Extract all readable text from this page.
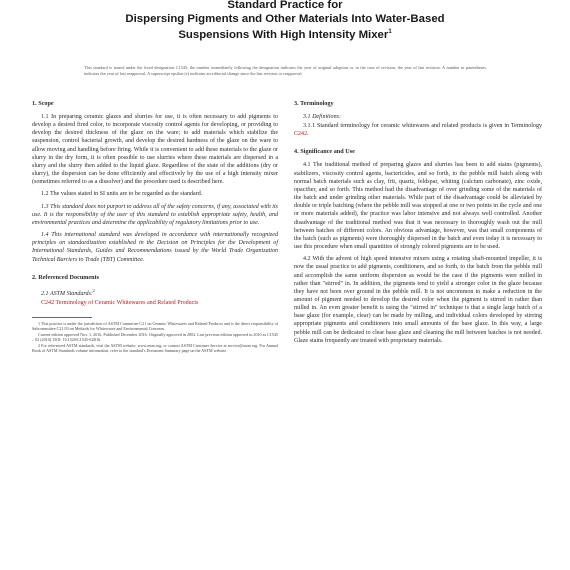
Standard Practice for
Dispersing Pigments and Other Materials Into Water-Based
Suspensions With High Intensity Mixer$^1$
This standard is issued under the fixed designation C1545; the number immediately following the designation indicates the year of original adoption or, in the case of revision, the year of last revision. A number in parentheses indicates the year of last reapproval. A superscript epsilon (ε) indicates an editorial change since the last revision or reapproval.
1. Scope

1.1 In preparing ceramic glazes and slurries for use, it is often necessary to add pigments to develop a desired fired color, to incorporate viscosity control agents for developing, or providing to develop the desired thickness of the glaze on the ware; to add materials which stabilize the suspension, control bacterial growth, and develop the desired hardness of the glaze on the ware to allow moving and handling before firing. While it is convenient to add these materials to the glaze or slurry in the dry form, it is often possible to use slurries where these materials are dispersed in a slurry and the slurry then added to the liquid glaze. Regardless of the state of the additions (dry or slurry), the dispersion can be done efficiently and effectively by the use of a high intensity mixer (sometimes referred to as a dissolver) and the procedure used is described here.

1.2 The values stated in SI units are to be regarded as the standard.

1.3 This standard does not purport to address all of the safety concerns, if any, associated with its use. It is the responsibility of the user of this standard to establish appropriate safety, health, and environmental practices and determine the applicability of regulatory limitations prior to use.

1.4 This international standard was developed in accordance with internationally recognized principles on standardization established in the Decision on Principles for the Development of International Standards, Guides and Recommendations issued by the World Trade Organization Technical Barriers to Trade (TBT) Committee.

2. Referenced Documents

2.1 ASTM Standards:$^2$

C242 Terminology of Ceramic Whitewares and Related Products

1 This practice is under the jurisdiction of ASTM Committee C21 on Ceramic Whitewares and Related Products and is the direct responsibility of Subcommittee C21.03 on Methods for Whitewares and Environmental Concerns.

Current edition approved Nov. 1, 2016. Published December 2016. Originally approved in 2002. Last previous edition approved in 2010 as C1545 – 02 (2010). DOI: 10.1520/C1545-02R16.

2 For referenced ASTM standards, visit the ASTM website, www.astm.org, or contact ASTM Customer Service at service@astm.org. For Annual Book of ASTM Standards volume information, refer to the standard's Document Summary page on the ASTM website.

3. Terminology

3.1 Definitions:

3.1.1 Standard terminology for ceramic whitewares and related products is given in Terminology C242.

4. Significance and Use

4.1 The traditional method of preparing glazes and slurries has been to add stains (pigments), stabilizers, viscosity control agents, bactericides, and so forth, to the pebble mill batch along with normal batch materials such as clay, frit, quartz, feldspar, whiting (calcium carbonate), zinc oxide, opacifier, and so forth. This method had the disadvantage of over grinding some of the materials of the batch and under grinding other materials. While part of the disadvantage could be alleviated by double or triple batching (where the pebble mill was stopped at one or two points in the cycle and one or more materials added), the practice was labor intensive and not always well controlled. Another disadvantage of the traditional method was that it was necessary to thoroughly wash out the mill between batches of different colors. An obvious advantage, however, was that small components of the batch (such as pigments) were thoroughly dispersed in the batch and even today it is necessary to use this procedure when small quantities of strongly colored pigments are to be used.

4.2 With the advent of high speed intensive mixers using a rotating shaft-mounted impeller, it is now the usual practice to add pigments, conditioners, and so forth, to the batch from the pebble mill and accomplish the same uniform dispersion as would be the case if the pigments were milled in rather than "stirred" in. In addition, the pigments tend to yield a stronger color in the glaze because they have not been over ground in the pebble mill. It is not uncommon to make a reduction in the amount of pigment needed to develop the desired color when the pigment is stirred in rather than milled in. An even greater benefit is using the "stirred in" technique is that a single large batch of a base glaze (for example, clear) can be made by milling, and individual colors developed by stirring appropriate pigments and conditioners into small amounts of the base glaze. In this way, a large pebble mill can be dedicated to clear base glaze and cleaning the mill between batches is not needed. Glaze stains frequently are treated with proprietary materials.
